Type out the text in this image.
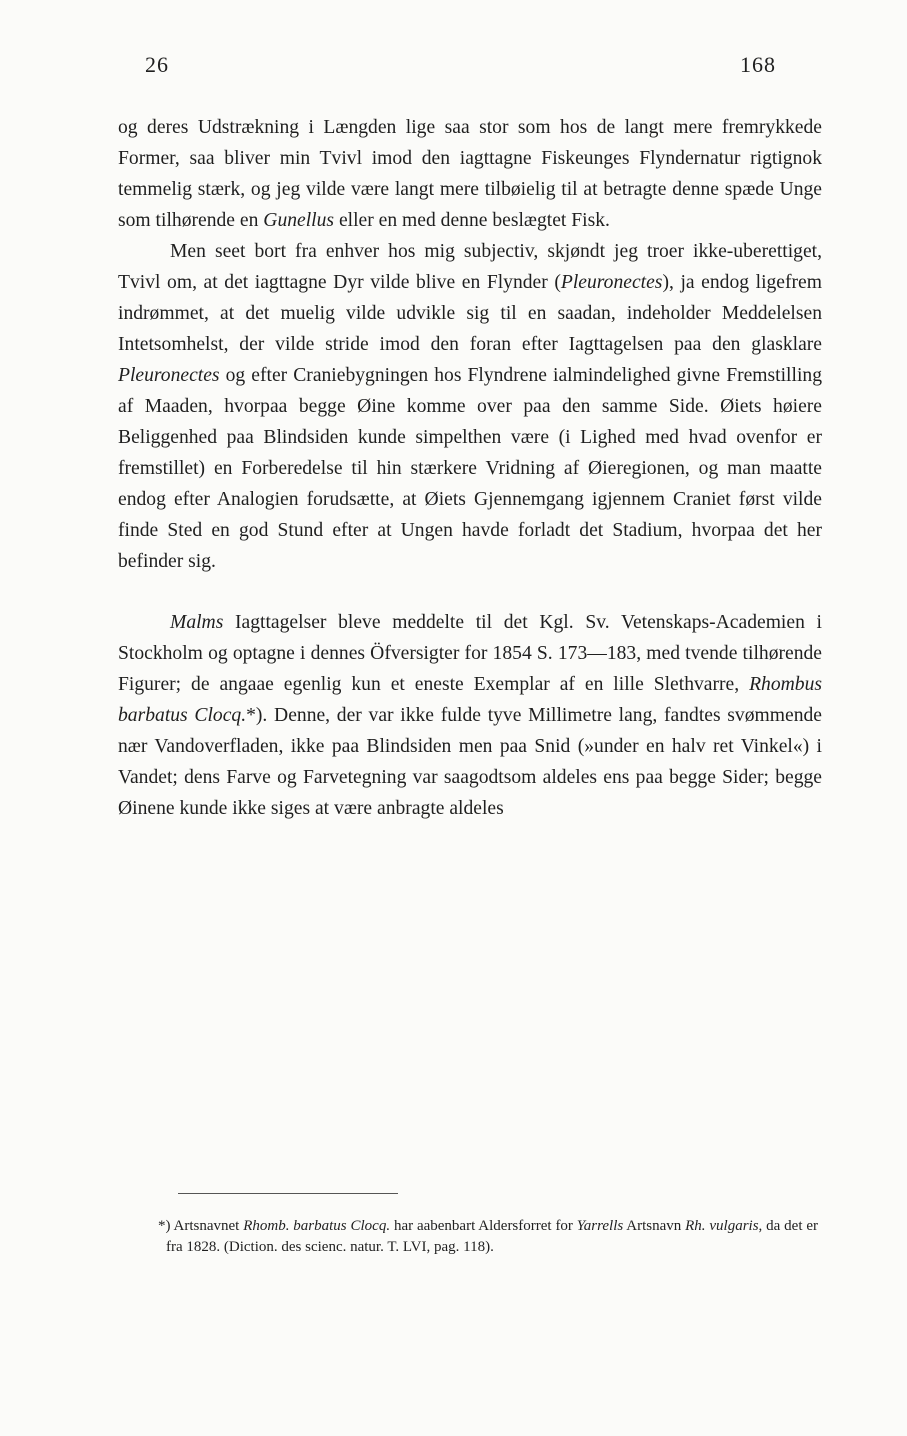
26	168

og deres Udstrækning i Længden lige saa stor som hos de langt mere fremrykkede Former, saa bliver min Tvivl imod den iagttagne Fiskeunges Flyndernatur rigtignok temmelig stærk, og jeg vilde være langt mere tilbøielig til at betragte denne spæde Unge som tilhørende en Gunellus eller en med denne beslægtet Fisk.

Men seet bort fra enhver hos mig subjectiv, skjøndt jeg troer ikke-uberettiget, Tvivl om, at det iagttagne Dyr vilde blive en Flynder (Pleuronectes), ja endog ligefrem indrømmet, at det muelig vilde udvikle sig til en saadan, indeholder Meddelelsen Intetsomhelst, der vilde stride imod den foran efter Iagttagelsen paa den glasklare Pleuronectes og efter Craniebygningen hos Flyndrene ialmindelighed givne Fremstilling af Maaden, hvorpaa begge Øine komme over paa den samme Side. Øiets høiere Beliggenhed paa Blindsiden kunde simpelthen være (i Lighed med hvad ovenfor er fremstillet) en Forberedelse til hin stærkere Vridning af Øieregionen, og man maatte endog efter Analogien forudsætte, at Øiets Gjennemgang igjennem Craniet først vilde finde Sted en god Stund efter at Ungen havde forladt det Stadium, hvorpaa det her befinder sig.

Malms Iagttagelser bleve meddelte til det Kgl. Sv. Vetenskaps-Academien i Stockholm og optagne i dennes Öfversigter for 1854 S. 173—183, med tvende tilhørende Figurer; de angaae egenlig kun et eneste Exemplar af en lille Slethvarre, Rhombus barbatus Clocq.*). Denne, der var ikke fulde tyve Millimetre lang, fandtes svømmende nær Vandoverfladen, ikke paa Blindsiden men paa Snid (»under en halv ret Vinkel«) i Vandet; dens Farve og Farvetegning var saagodtsom aldeles ens paa begge Sider; begge Øinene kunde ikke siges at være anbragte aldeles

*) Artsnavnet Rhomb. barbatus Clocq. har aabenbart Aldersforret for Yarrells Artsnavn Rh. vulgaris, da det er fra 1828. (Diction. des scienc. natur. T. LVI, pag. 118).
